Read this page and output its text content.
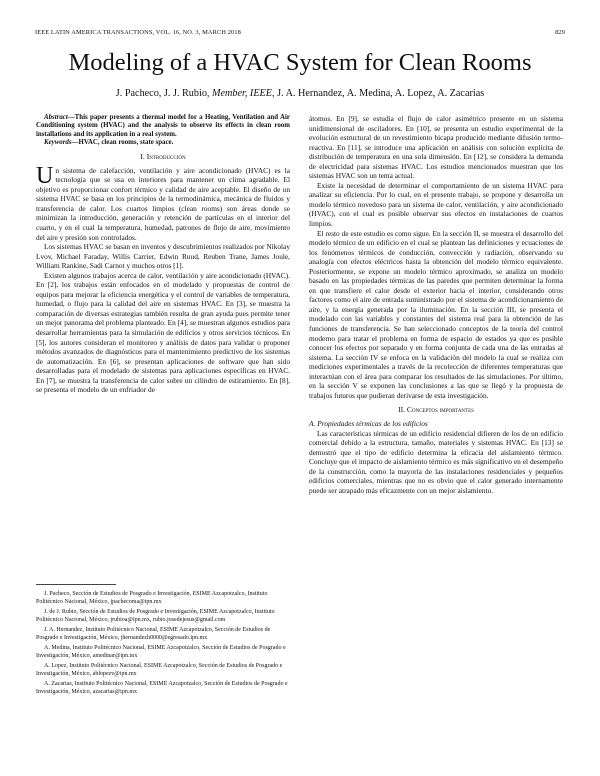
IEEE LATIN AMERICA TRANSACTIONS, VOL. 16, NO. 3, MARCH 2018	829
Modeling of a HVAC System for Clean Rooms
J. Pacheco, J. J. Rubio, Member, IEEE, J. A. Hernandez, A. Medina, A. Lopez, A. Zacarias

Abstract—This paper presents a thermal model for a Heating, Ventilation and Air Conditioning system (HVAC) and the analysis to observe its effects in clean room installations and its application in a real system.

Keywords—HVAC, clean rooms, state space.

I. Introducción

Un sistema de calefacción, ventilación y aire acondicionado (HVAC) es la tecnología que se usa en interiores para mantener un clima agradable. El objetivo es proporcionar confort térmico y calidad de aire aceptable. El diseño de un sistema HVAC se basa en los principios de la termodinámica, mecánica de fluidos y transferencia de calor. Los cuartos limpios (clean rooms) son áreas donde se minimizan la introducción, generación y retención de partículas en el interior del cuarto, y en el cual la temperatura, humedad, patrones de flujo de aire, movimiento del aire y presión son controlados.

Los sistemas HVAC se basan en inventos y descubrimientos realizados por Nikolay Lvov, Michael Faraday, Willis Carrier, Edwin Ruud, Reuben Trane, James Joule, William Rankine, Sadi Carnot y muchos otros [1].

Existen algunos trabajos acerca de calor, ventilación y aire acondicionado (HVAC). En [2], los trabajos están enfocados en el modelado y propuestas de control de equipos para mejorar la eficiencia energética y el control de variables de temperatura, humedad, o flujo para la calidad del aire en sistemas HVAC. En [3], se muestra la comparación de diversas estrategias también resulta de gran ayuda pues permite tener un mejor panorama del problema planteado. En [4], se muestran algunos estudios para desarrollar herramientas para la simulación de edificios y otros servicios técnicos. En [5], los autores consideran el monitoreo y análisis de datos para validar o proponer métodos avanzados de diagnósticos para el mantenimiento predictivo de los sistemas de automatización. En [6], se presentan aplicaciones de software que han sido desarrolladas para el modelado de sistemas para aplicaciones específicas en HVAC. En [7], se muestra la transferencia de calor sobre un cilindro de estiramiento. En [8], se presenta el modelo de un enfriador de

J. Pacheco, Sección de Estudios de Posgrado e Investigación, ESIME Azcapotzalco, Instituto Politécnico Nacional, México, jpachecoma@ipn.mx

J. de J. Rubio, Sección de Estudios de Posgrado e Investigación, ESIME Azcapotzalco, Instituto Politécnico Nacional, México, jrubioa@ipn.mx, rubio.josedejesus@gmail.com

J. A. Hernandez, Instituto Politécnico Nacional, ESIME Azcapotzalco, Sección de Estudios de Posgrado e Investigación, México, jhernandezh0000@egresado.ipn.mx

A. Medina, Instituto Politécnico Nacional, ESIME Azcapotzalco, Sección de Estudios de Posgrado e Investigación, México, amedinar@ipn.mx

A. Lopez, Instituto Politécnico Nacional, ESIME Azcapotzalco, Sección de Estudios de Posgrado e Investigación, México, ablopezv@ipn.mx

A. Zacarias, Instituto Politécnico Nacional, ESIME Azcapotzalco, Sección de Estudios de Posgrado e Investigación, México, azacarias@ipn.mx

átomos. En [9], se estudia el flujo de calor asimétrico presente en un sistema unidimensional de osciladores. En [10], se presenta un estudio experimental de la evolución estructural de un revestimiento bicapa producido mediante difusión termo-reactiva. En [11], se introduce una aplicación en análisis con solución explícita de distribución de temperatura en una sola dimensión. En [12], se considera la demanda de electricidad para sistemas HVAC. Los estudios mencionados muestran que los sistemas HVAC son un tema actual.

Existe la necesidad de determinar el comportamiento de un sistema HVAC para analizar su eficiencia. Por lo cual, en el presente trabajo, se propone y desarrolla un modelo térmico novedoso para un sistema de calor, ventilación, y aire acondicionado (HVAC), con el cual es posible observar sus efectos en instalaciones de cuartos limpios.

El resto de este estudio es como sigue. En la sección II, se muestra el desarrollo del modelo térmico de un edificio en el cual se plantean las definiciones y ecuaciones de los fenómenos térmicos de conducción, convección y radiación, observando su analogía con efectos eléctricos hasta la obtención del modelo térmico equivalente. Posteriormente, se expone un modelo térmico aproximado, se analiza un modelo basado en las propiedades térmicas de las paredes que permiten determinar la forma en que transfiere el calor desde el exterior hacia el interior, considerando otros factores como el aire de entrada suministrado por el sistema de acondicionamiento de aire, y la energía generada por la iluminación. En la sección III, se presenta el modelado con las variables y constantes del sistema real para la obtención de las funciones de transferencia. Se han seleccionado conceptos de la teoría del control moderno para tratar el problema en forma de espacio de estados ya que es posible conocer los efectos por separado y en forma conjunta de cada una de las entradas al sistema. La sección IV se enfoca en la validación del modelo la cual se realiza con mediciones experimentales a través de la recolección de diferentes temperaturas que interactúan con el área para comparar los resultados de las simulaciones. Por último, en la sección V se exponen las conclusiones a las que se llegó y la propuesta de trabajos futuros que pudieran derivarse de esta investigación.

II. Conceptos importantes

A. Propiedades térmicas de los edificios

Las características térmicas de un edificio residencial difieren de los de un edificio comercial debido a la estructura, tamaño, materiales y sistemas HVAC. En [13] se demostró que el tipo de edificio determina la eficacia del aislamiento térmico. Concluye que el impacto de aislamiento térmico es más significativo en el desempeño de la construcción, como la mayoría de las instalaciones residenciales y pequeños edificios comerciales, mientras que no es obvio que el calor generado internamente puede ser atrapado más eficazmente con un mejor aislamiento.
